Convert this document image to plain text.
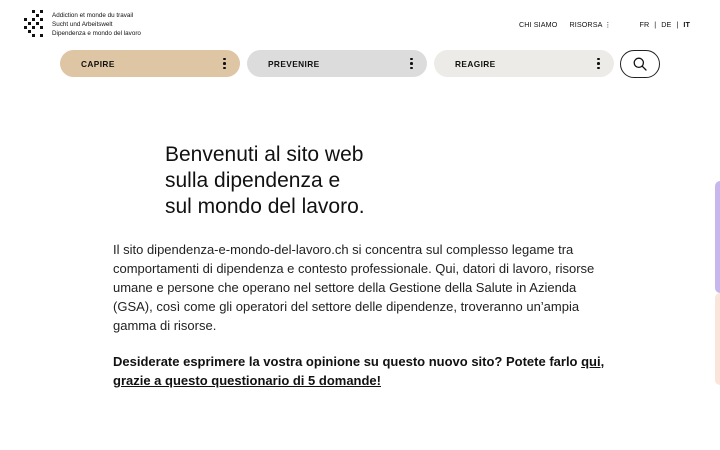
Addiction et monde du travail
Sucht und Arbeitswelt
Dipendenza e mondo del lavoro
CHI SIAMO RISORSA ⋮	FR | DE | IT
CAPIRE	PREVENIRE	REAGIRE
Benvenuti al sito web
sulla dipendenza e
sul mondo del lavoro.

Il sito dipendenza-e-mondo-del-lavoro.ch si concentra sul complesso legame tra comportamenti di dipendenza e contesto professionale. Qui, datori di lavoro, risorse umane e persone che operano nel settore della Gestione della Salute in Azienda (GSA), così come gli operatori del settore delle dipendenze, troveranno un’ampia gamma di risorse.

Desiderate esprimere la vostra opinione su questo nuovo sito? Potete farlo qui, grazie a questo questionario di 5 domande!
